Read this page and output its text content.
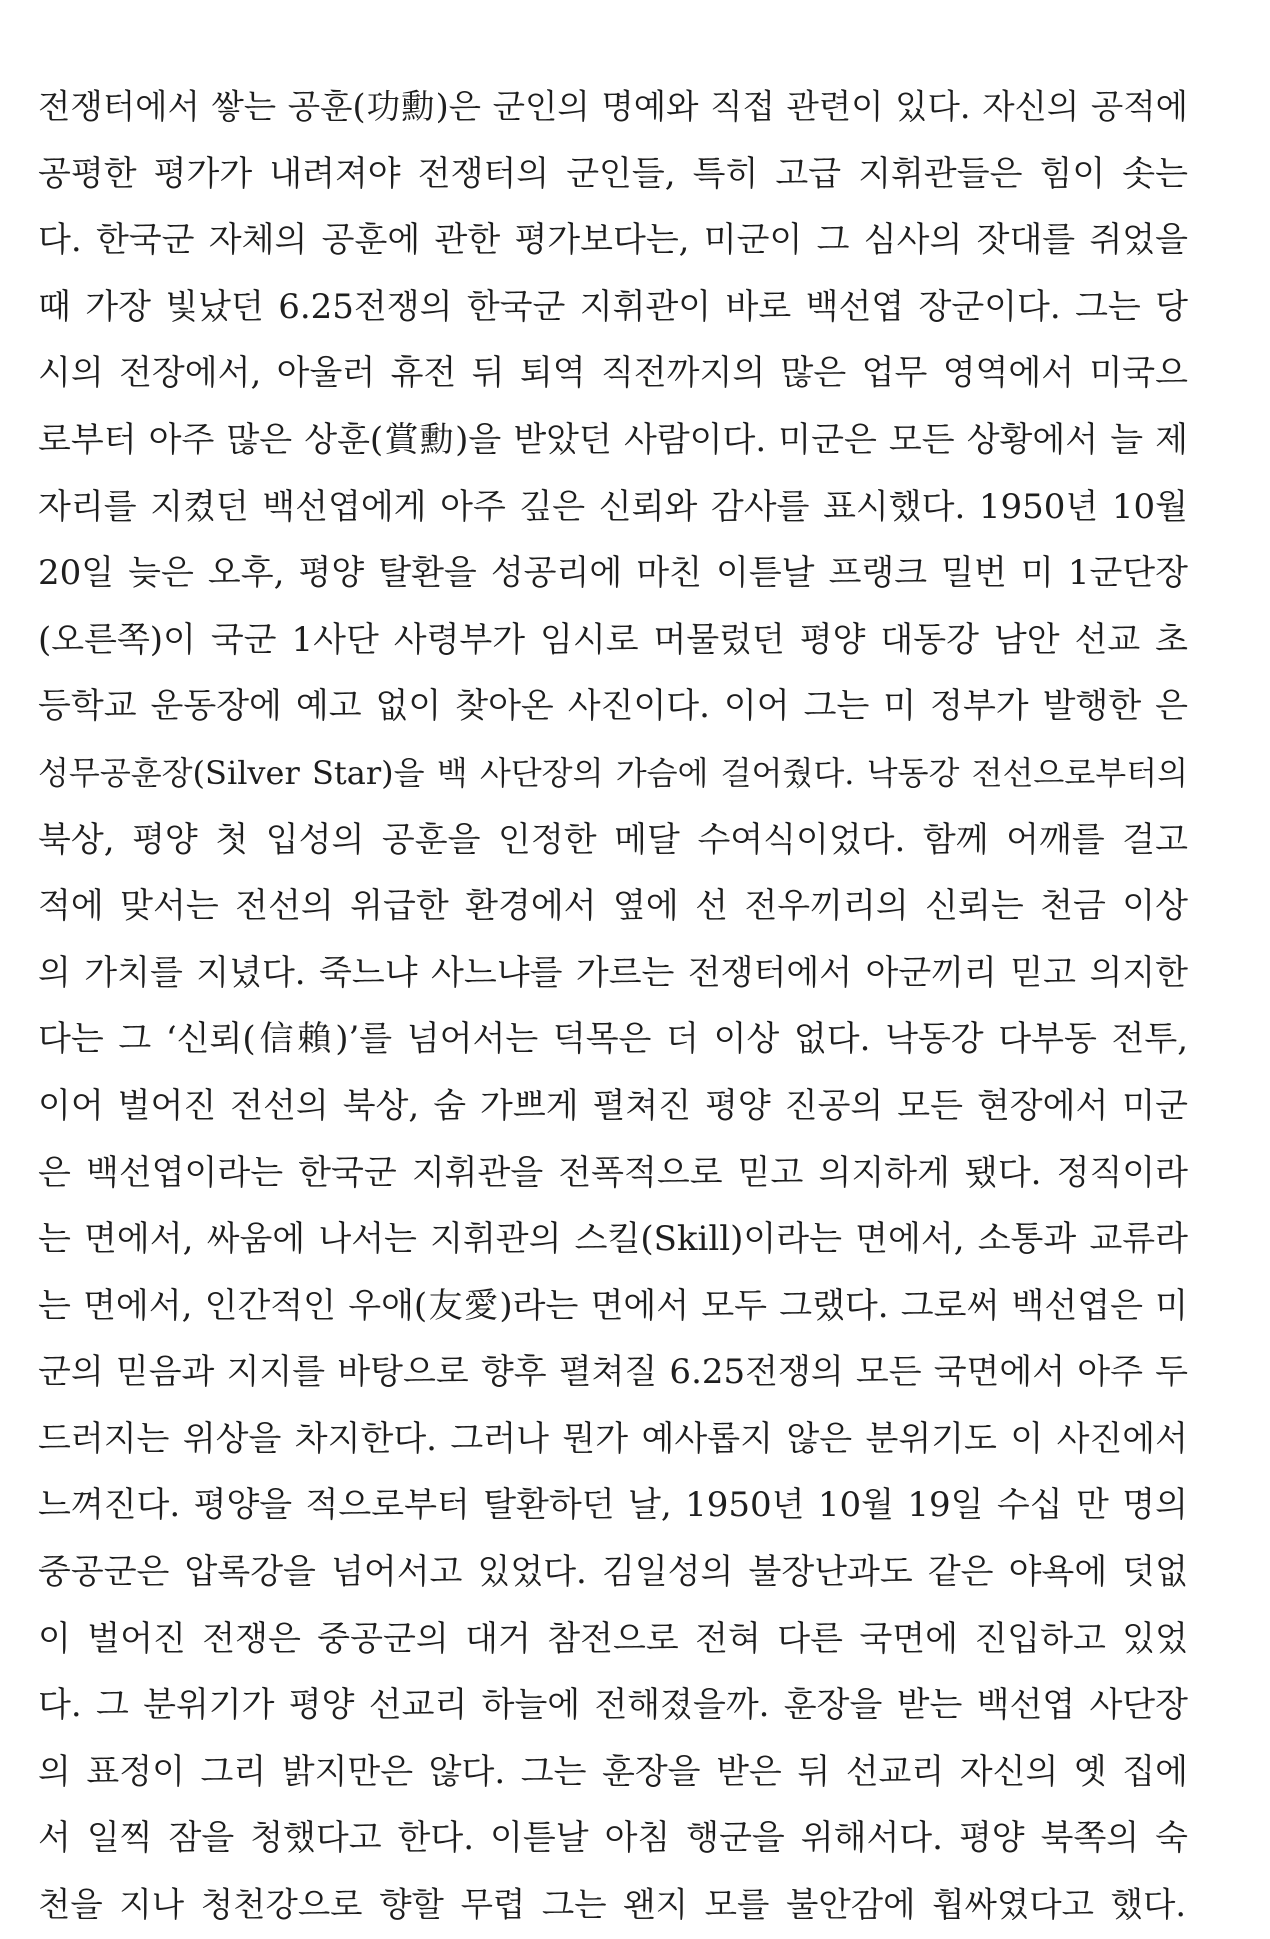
전쟁터에서 쌓는 공훈(功勳)은 군인의 명예와 직접 관련이 있다. 자신의 공적에
공평한 평가가 내려져야 전쟁터의 군인들, 특히 고급 지휘관들은 힘이 솟는
다. 한국군 자체의 공훈에 관한 평가보다는, 미군이 그 심사의 잣대를 쥐었을
때 가장 빛났던 6.25전쟁의 한국군 지휘관이 바로 백선엽 장군이다. 그는 당
시의 전장에서, 아울러 휴전 뒤 퇴역 직전까지의 많은 업무 영역에서 미국으
로부터 아주 많은 상훈(賞勳)을 받았던 사람이다. 미군은 모든 상황에서 늘 제
자리를 지켰던 백선엽에게 아주 깊은 신뢰와 감사를 표시했다. 1950년 10월
20일 늦은 오후, 평양 탈환을 성공리에 마친 이튿날 프랭크 밀번 미 1군단장
(오른쪽)이 국군 1사단 사령부가 임시로 머물렀던 평양 대동강 남안 선교 초
등학교 운동장에 예고 없이 찾아온 사진이다. 이어 그는 미 정부가 발행한 은
성무공훈장(Silver Star)을 백 사단장의 가슴에 걸어줬다. 낙동강 전선으로부터의
북상, 평양 첫 입성의 공훈을 인정한 메달 수여식이었다. 함께 어깨를 걸고
적에 맞서는 전선의 위급한 환경에서 옆에 선 전우끼리의 신뢰는 천금 이상
의 가치를 지녔다. 죽느냐 사느냐를 가르는 전쟁터에서 아군끼리 믿고 의지한
다는 그 ‘신뢰(信賴)’를 넘어서는 덕목은 더 이상 없다. 낙동강 다부동 전투,
이어 벌어진 전선의 북상, 숨 가쁘게 펼쳐진 평양 진공의 모든 현장에서 미군
은 백선엽이라는 한국군 지휘관을 전폭적으로 믿고 의지하게 됐다. 정직이라
는 면에서, 싸움에 나서는 지휘관의 스킬(Skill)이라는 면에서, 소통과 교류라
는 면에서, 인간적인 우애(友愛)라는 면에서 모두 그랬다. 그로써 백선엽은 미
군의 믿음과 지지를 바탕으로 향후 펼쳐질 6.25전쟁의 모든 국면에서 아주 두
드러지는 위상을 차지한다. 그러나 뭔가 예사롭지 않은 분위기도 이 사진에서
느껴진다. 평양을 적으로부터 탈환하던 날, 1950년 10월 19일 수십 만 명의
중공군은 압록강을 넘어서고 있었다. 김일성의 불장난과도 같은 야욕에 덧없
이 벌어진 전쟁은 중공군의 대거 참전으로 전혀 다른 국면에 진입하고 있었
다. 그 분위기가 평양 선교리 하늘에 전해졌을까. 훈장을 받는 백선엽 사단장
의 표정이 그리 밝지만은 않다. 그는 훈장을 받은 뒤 선교리 자신의 옛 집에
서 일찍 잠을 청했다고 한다. 이튿날 아침 행군을 위해서다. 평양 북쪽의 숙
천을 지나 청천강으로 향할 무렵 그는 왠지 모를 불안감에 휩싸였다고 했다.
